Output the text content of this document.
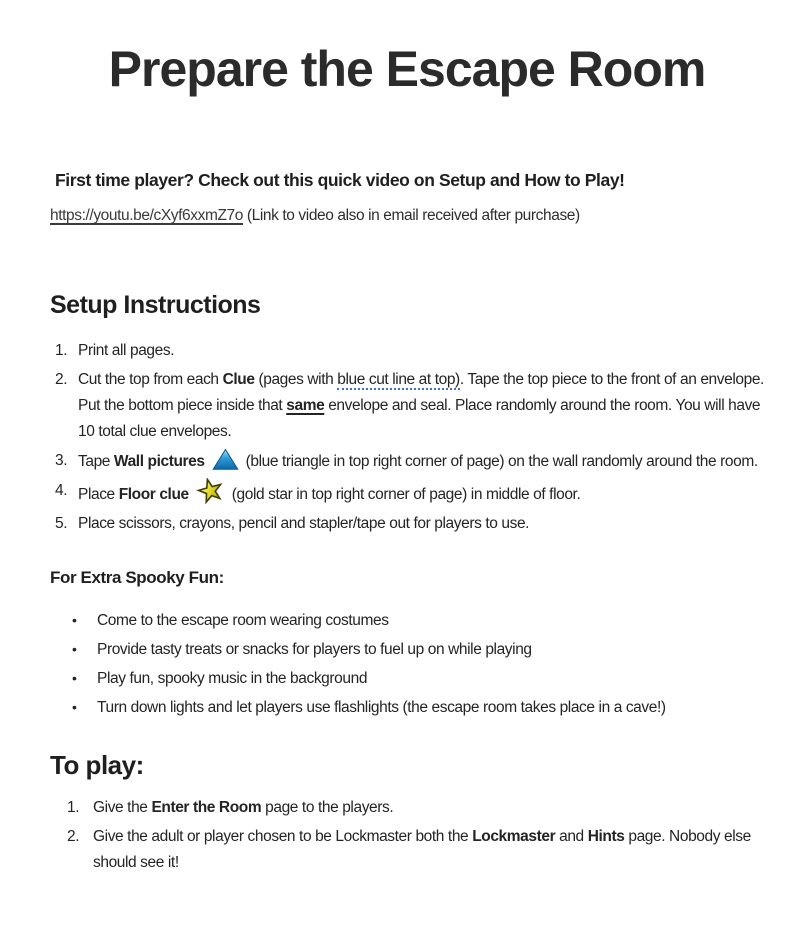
Prepare the Escape Room

First time player? Check out this quick video on Setup and How to Play!

https://youtu.be/cXyf6xxmZ7o (Link to video also in email received after purchase)

Setup Instructions
1. Print all pages.
2. Cut the top from each Clue (pages with blue cut line at top). Tape the top piece to the front of an envelope. Put the bottom piece inside that same envelope and seal. Place randomly around the room. You will have 10 total clue envelopes.
3. Tape Wall pictures	(blue triangle in top right corner of page) on the wall randomly around the room.
4. Place Floor clue	(gold star in top right corner of page) in middle of floor.
5. Place scissors, crayons, pencil and stapler/tape out for players to use.

For Extra Spooky Fun:

•	Come to the escape room wearing costumes
•	Provide tasty treats or snacks for players to fuel up on while playing
•	Play fun, spooky music in the background
•	Turn down lights and let players use flashlights (the escape room takes place in a cave!)
To play:
1. Give the Enter the Room page to the players.
2. Give the adult or player chosen to be Lockmaster both the Lockmaster and Hints page. Nobody else should see it!
